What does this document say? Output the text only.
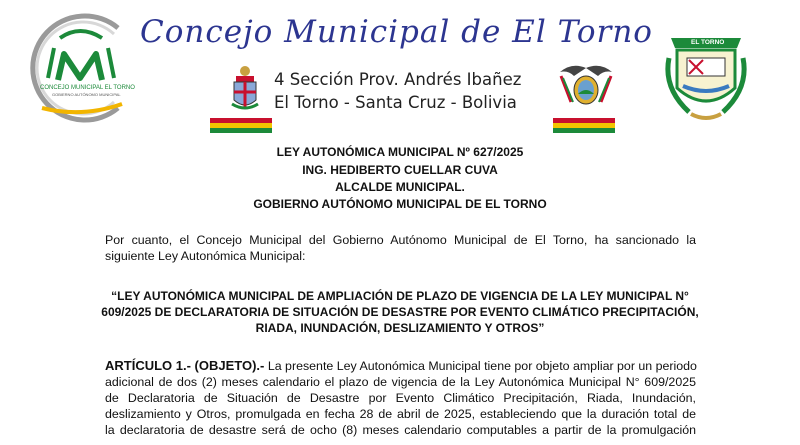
CONCEJO MUNICIPAL EL TORNO
GOBIERNO AUTÓNOMO MUNICIPAL
Concejo Municipal de El Torno
4 Sección Prov. Andrés Ibañez
El Torno - Santa Cruz - Bolivia
EL TORNO
LEY AUTONÓMICA MUNICIPAL Nº 627/2025
ING. HEDIBERTO CUELLAR CUVA
ALCALDE MUNICIPAL.
GOBIERNO AUTÓNOMO MUNICIPAL DE EL TORNO
Por cuanto, el Concejo Municipal del Gobierno Autónomo Municipal de El Torno, ha sancionado la
siguiente Ley Autonómica Municipal:
“LEY AUTONÓMICA MUNICIPAL DE AMPLIACIÓN DE PLAZO DE VIGENCIA DE LA LEY MUNICIPAL N°
609/2025 DE DECLARATORIA DE SITUACIÓN DE DESASTRE POR EVENTO CLIMÁTICO PRECIPITACIÓN,
RIADA, INUNDACIÓN, DESLIZAMIENTO Y OTROS”
ARTÍCULO 1.- (OBJETO).- La presente Ley Autonómica Municipal tiene por objeto ampliar por un periodo
adicional de dos (2) meses calendario el plazo de vigencia de la Ley Autonómica Municipal N° 609/2025
de Declaratoria de Situación de Desastre por Evento Climático Precipitación, Riada, Inundación,
deslizamiento y Otros, promulgada en fecha 28 de abril de 2025, estableciendo que la duración total de
la declaratoria de desastre será de ocho (8) meses calendario computables a partir de la promulgación
